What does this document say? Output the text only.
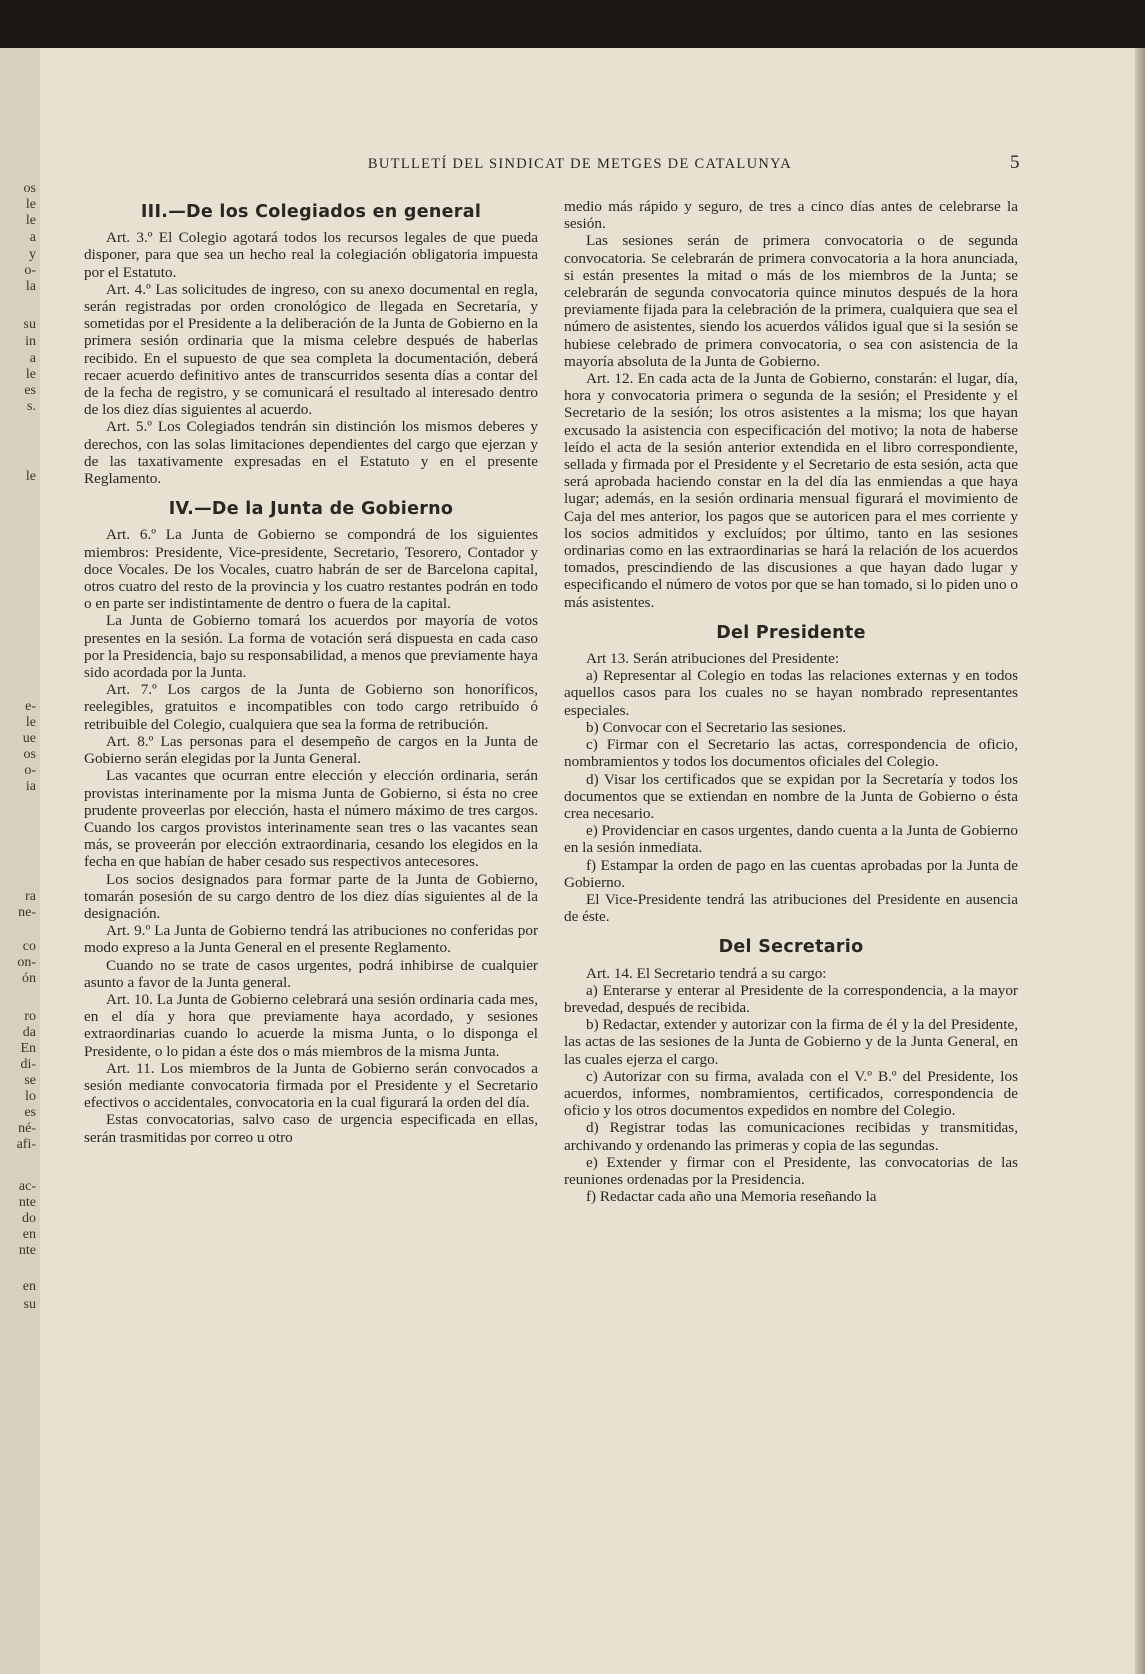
os
le
le
a
y
o-
la
su
in
a
le
es
s.
le
e-
le
ue
os
o-
ia
ra
ne-
co
on-
ón
ro
da
En
di-
se
lo
es
né-
afi-
ac-
nte
do
en
nte
en
su
BUTLLETÍ DEL SINDICAT DE METGES DE CATALUNYA	5
III.—De los Colegiados en general

Art. 3.º El Colegio agotará todos los recursos legales de que pueda disponer, para que sea un hecho real la colegiación obligatoria impuesta por el Estatuto.

Art. 4.º Las solicitudes de ingreso, con su anexo documental en regla, serán registradas por orden cronológico de llegada en Secretaría, y sometidas por el Presidente a la deliberación de la Junta de Gobierno en la primera sesión ordinaria que la misma celebre después de haberlas recibido. En el supuesto de que sea completa la documentación, deberá recaer acuerdo definitivo antes de transcurridos sesenta días a contar del de la fecha de registro, y se comunicará el resultado al interesado dentro de los diez días siguientes al acuerdo.

Art. 5.º Los Colegiados tendrán sin distinción los mismos deberes y derechos, con las solas limitaciones dependientes del cargo que ejerzan y de las taxativamente expresadas en el Estatuto y en el presente Reglamento.

IV.—De la Junta de Gobierno

Art. 6.º La Junta de Gobierno se compondrá de los siguientes miembros: Presidente, Vice-presidente, Secretario, Tesorero, Contador y doce Vocales. De los Vocales, cuatro habrán de ser de Barcelona capital, otros cuatro del resto de la provincia y los cuatro restantes podrán en todo o en parte ser indistintamente de dentro o fuera de la capital.

La Junta de Gobierno tomará los acuerdos por mayoría de votos presentes en la sesión. La forma de votación será dispuesta en cada caso por la Presidencia, bajo su responsabilidad, a menos que previamente haya sido acordada por la Junta.

Art. 7.º Los cargos de la Junta de Gobierno son honoríficos, reelegibles, gratuitos e incompatibles con todo cargo retribuído ó retribuible del Colegio, cualquiera que sea la forma de retribución.

Art. 8.º Las personas para el desempeño de cargos en la Junta de Gobierno serán elegidas por la Junta General.

Las vacantes que ocurran entre elección y elección ordinaria, serán provistas interinamente por la misma Junta de Gobierno, si ésta no cree prudente proveerlas por elección, hasta el número máximo de tres cargos. Cuando los cargos provistos interinamente sean tres o las vacantes sean más, se proveerán por elección extraordinaria, cesando los elegidos en la fecha en que habían de haber cesado sus respectivos antecesores.

Los socios designados para formar parte de la Junta de Gobierno, tomarán posesión de su cargo dentro de los diez días siguientes al de la designación.

Art. 9.º La Junta de Gobierno tendrá las atribuciones no conferidas por modo expreso a la Junta General en el presente Reglamento.

Cuando no se trate de casos urgentes, podrá inhibirse de cualquier asunto a favor de la Junta general.

Art. 10. La Junta de Gobierno celebrará una sesión ordinaria cada mes, en el día y hora que previamente haya acordado, y sesiones extraordinarias cuando lo acuerde la misma Junta, o lo disponga el Presidente, o lo pidan a éste dos o más miembros de la misma Junta.

Art. 11. Los miembros de la Junta de Gobierno serán convocados a sesión mediante convocatoria firmada por el Presidente y el Secretario efectivos o accidentales, convocatoria en la cual figurará la orden del día.

Estas convocatorias, salvo caso de urgencia especificada en ellas, serán trasmitidas por correo u otro

medio más rápido y seguro, de tres a cinco días antes de celebrarse la sesión.

Las sesiones serán de primera convocatoria o de segunda convocatoria. Se celebrarán de primera convocatoria a la hora anunciada, si están presentes la mitad o más de los miembros de la Junta; se celebrarán de segunda convocatoria quince minutos después de la hora previamente fijada para la celebración de la primera, cualquiera que sea el número de asistentes, siendo los acuerdos válidos igual que si la sesión se hubiese celebrado de primera convocatoria, o sea con asistencia de la mayoría absoluta de la Junta de Gobierno.

Art. 12. En cada acta de la Junta de Gobierno, constarán: el lugar, día, hora y convocatoria primera o segunda de la sesión; el Presidente y el Secretario de la sesión; los otros asistentes a la misma; los que hayan excusado la asistencia con especificación del motivo; la nota de haberse leído el acta de la sesión anterior extendida en el libro correspondiente, sellada y firmada por el Presidente y el Secretario de esta sesión, acta que será aprobada haciendo constar en la del día las enmiendas a que haya lugar; además, en la sesión ordinaria mensual figurará el movimiento de Caja del mes anterior, los pagos que se autoricen para el mes corriente y los socios admitidos y excluídos; por último, tanto en las sesiones ordinarias como en las extraordinarias se hará la relación de los acuerdos tomados, prescindiendo de las discusiones a que hayan dado lugar y especificando el número de votos por que se han tomado, si lo piden uno o más asistentes.

Del Presidente

Art 13. Serán atribuciones del Presidente:

a) Representar al Colegio en todas las relaciones externas y en todos aquellos casos para los cuales no se hayan nombrado representantes especiales.

b) Convocar con el Secretario las sesiones.

c) Firmar con el Secretario las actas, correspondencia de oficio, nombramientos y todos los documentos oficiales del Colegio.

d) Visar los certificados que se expidan por la Secretaría y todos los documentos que se extiendan en nombre de la Junta de Gobierno o ésta crea necesario.

e) Providenciar en casos urgentes, dando cuenta a la Junta de Gobierno en la sesión inmediata.

f) Estampar la orden de pago en las cuentas aprobadas por la Junta de Gobierno.

El Vice-Presidente tendrá las atribuciones del Presidente en ausencia de éste.

Del Secretario

Art. 14. El Secretario tendrá a su cargo:

a) Enterarse y enterar al Presidente de la correspondencia, a la mayor brevedad, después de recibida.

b) Redactar, extender y autorizar con la firma de él y la del Presidente, las actas de las sesiones de la Junta de Gobierno y de la Junta General, en las cuales ejerza el cargo.

c) Autorizar con su firma, avalada con el V.º B.º del Presidente, los acuerdos, informes, nombramientos, certificados, correspondencia de oficio y los otros documentos expedidos en nombre del Colegio.

d) Registrar todas las comunicaciones recibidas y transmitidas, archivando y ordenando las primeras y copia de las segundas.

e) Extender y firmar con el Presidente, las convocatorias de las reuniones ordenadas por la Presidencia.

f) Redactar cada año una Memoria reseñando la
